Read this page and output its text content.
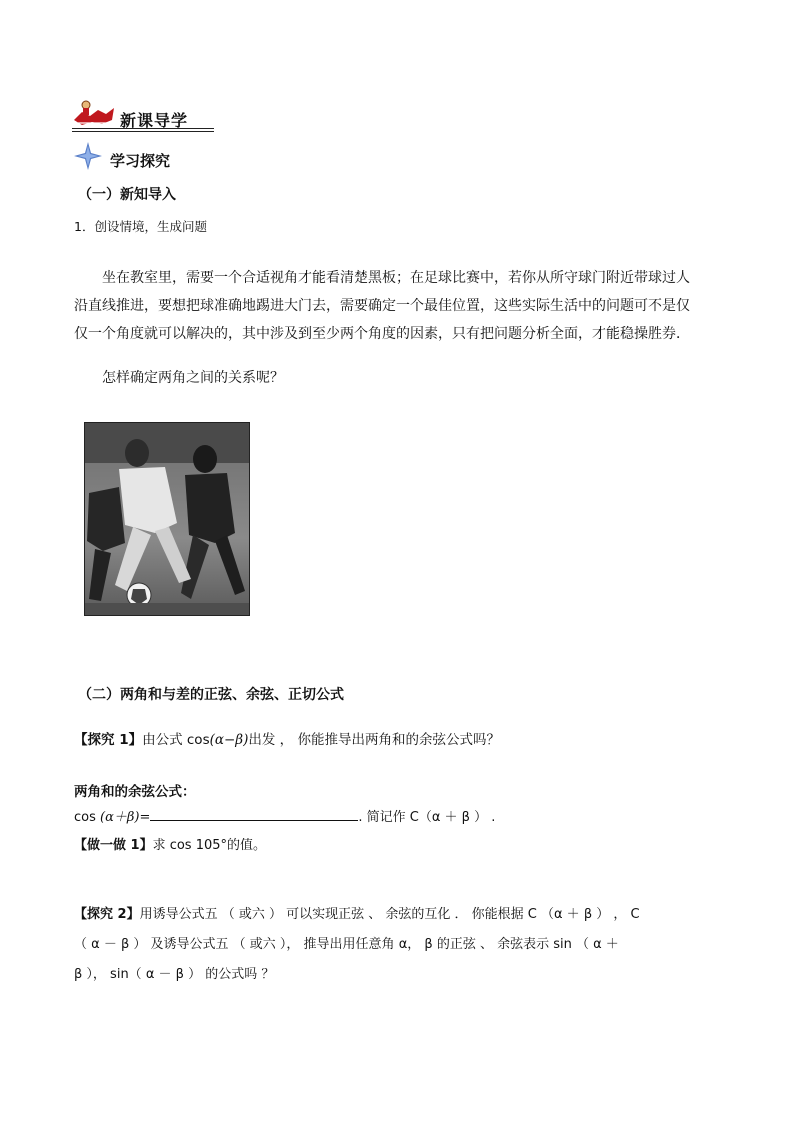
新课导学
学习探究
（一）新知导入
1．创设情境，生成问题
坐在教室里，需要一个合适视角才能看清楚黑板；在足球比赛中，若你从所守球门附近带球过人
沿直线推进，要想把球准确地踢进大门去，需要确定一个最佳位置，这些实际生活中的问题可不是仅
仅一个角度就可以解决的，其中涉及到至少两个角度的因素，只有把问题分析全面，才能稳操胜券．
怎样确定两角之间的关系呢？
（二）两角和与差的正弦、余弦、正切公式
【探究 1】由公式 cos(α−β)出发 ， 你能推导出两角和的余弦公式吗？
两角和的余弦公式：
cos (α＋β)=	. 简记作 C（α ＋ β ） .
【做一做 1】求 cos 105°的值。
【探究 2】用诱导公式五 （ 或六 ） 可以实现正弦 、 余弦的互化 ． 你能根据 C （α ＋ β ） ， C
（ α － β ） 及诱导公式五 （ 或六 ）， 推导出用任意角 α， β 的正弦 、 余弦表示 sin （ α ＋
β ）， sin（ α － β ） 的公式吗 ？
